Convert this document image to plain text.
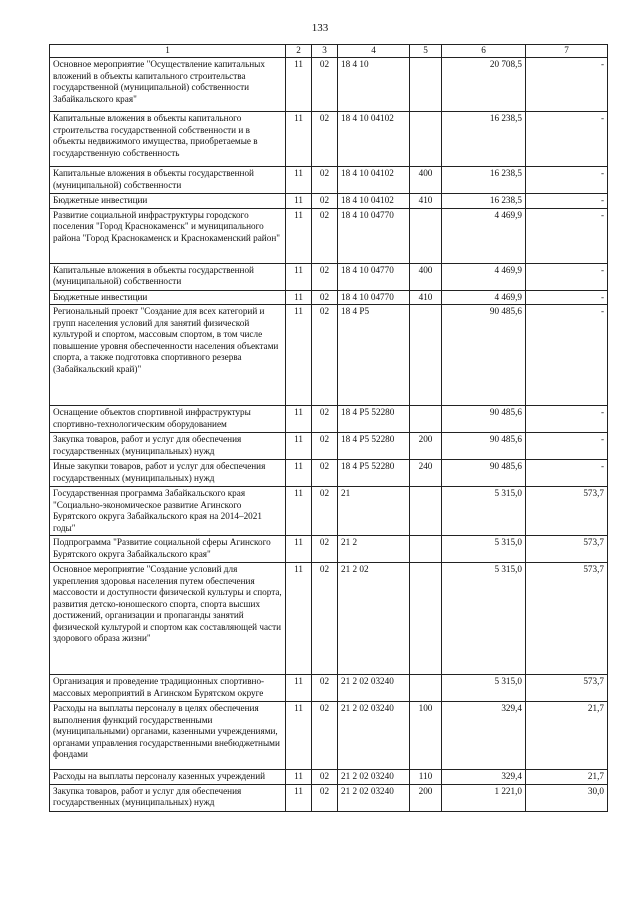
133
1	2	3	4	5	6	7
Основное мероприятие "Осуществление капитальных вложений в объекты капитального строительства государственной (муниципальной) собственности Забайкальского края"	11	02	18 4 10		20 708,5	-
Капитальные вложения в объекты капитального строительства государственной собственности и в объекты недвижимого имущества, приобретаемые в государственную собственность	11	02	18 4 10 04102		16 238,5	-
Капитальные вложения в объекты государственной (муниципальной) собственности	11	02	18 4 10 04102	400	16 238,5	-
Бюджетные инвестиции	11	02	18 4 10 04102	410	16 238,5	-
Развитие социальной инфраструктуры городского поселения "Город Краснокаменск" и муниципального района "Город Краснокаменск и Краснокаменский район"	11	02	18 4 10 04770		4 469,9	-
Капитальные вложения в объекты государственной (муниципальной) собственности	11	02	18 4 10 04770	400	4 469,9	-
Бюджетные инвестиции	11	02	18 4 10 04770	410	4 469,9	-
Региональный проект "Создание для всех категорий и групп населения условий для занятий физической культурой и спортом, массовым спортом, в том числе повышение уровня обеспеченности населения объектами спорта, а также подготовка спортивного резерва (Забайкальский край)"	11	02	18 4 P5		90 485,6	-
Оснащение объектов спортивной инфраструктуры спортивно-технологическим оборудованием	11	02	18 4 P5 52280		90 485,6	-
Закупка товаров, работ и услуг для обеспечения государственных (муниципальных) нужд	11	02	18 4 P5 52280	200	90 485,6	-
Иные закупки товаров, работ и услуг для обеспечения государственных (муниципальных) нужд	11	02	18 4 P5 52280	240	90 485,6	-
Государственная программа Забайкальского края "Социально-экономическое развитие Агинского Бурятского округа Забайкальского края на 2014–2021 годы"	11	02	21		5 315,0	573,7
Подпрограмма "Развитие социальной сферы Агинского Бурятского округа Забайкальского края"	11	02	21 2		5 315,0	573,7
Основное мероприятие "Создание условий для укрепления здоровья населения путем обеспечения массовости и доступности физической культуры и спорта, развития детско-юношеского спорта, спорта высших достижений, организации и пропаганды занятий физической культурой и спортом как составляющей части здорового образа жизни"	11	02	21 2 02		5 315,0	573,7
Организация и проведение традиционных спортивно-массовых мероприятий в Агинском Бурятском округе	11	02	21 2 02 03240		5 315,0	573,7
Расходы на выплаты персоналу в целях обеспечения выполнения функций государственными (муниципальными) органами, казенными учреждениями, органами управления государственными внебюджетными фондами	11	02	21 2 02 03240	100	329,4	21,7
Расходы на выплаты персоналу казенных учреждений	11	02	21 2 02 03240	110	329,4	21,7
Закупка товаров, работ и услуг для обеспечения государственных (муниципальных) нужд	11	02	21 2 02 03240	200	1 221,0	30,0
